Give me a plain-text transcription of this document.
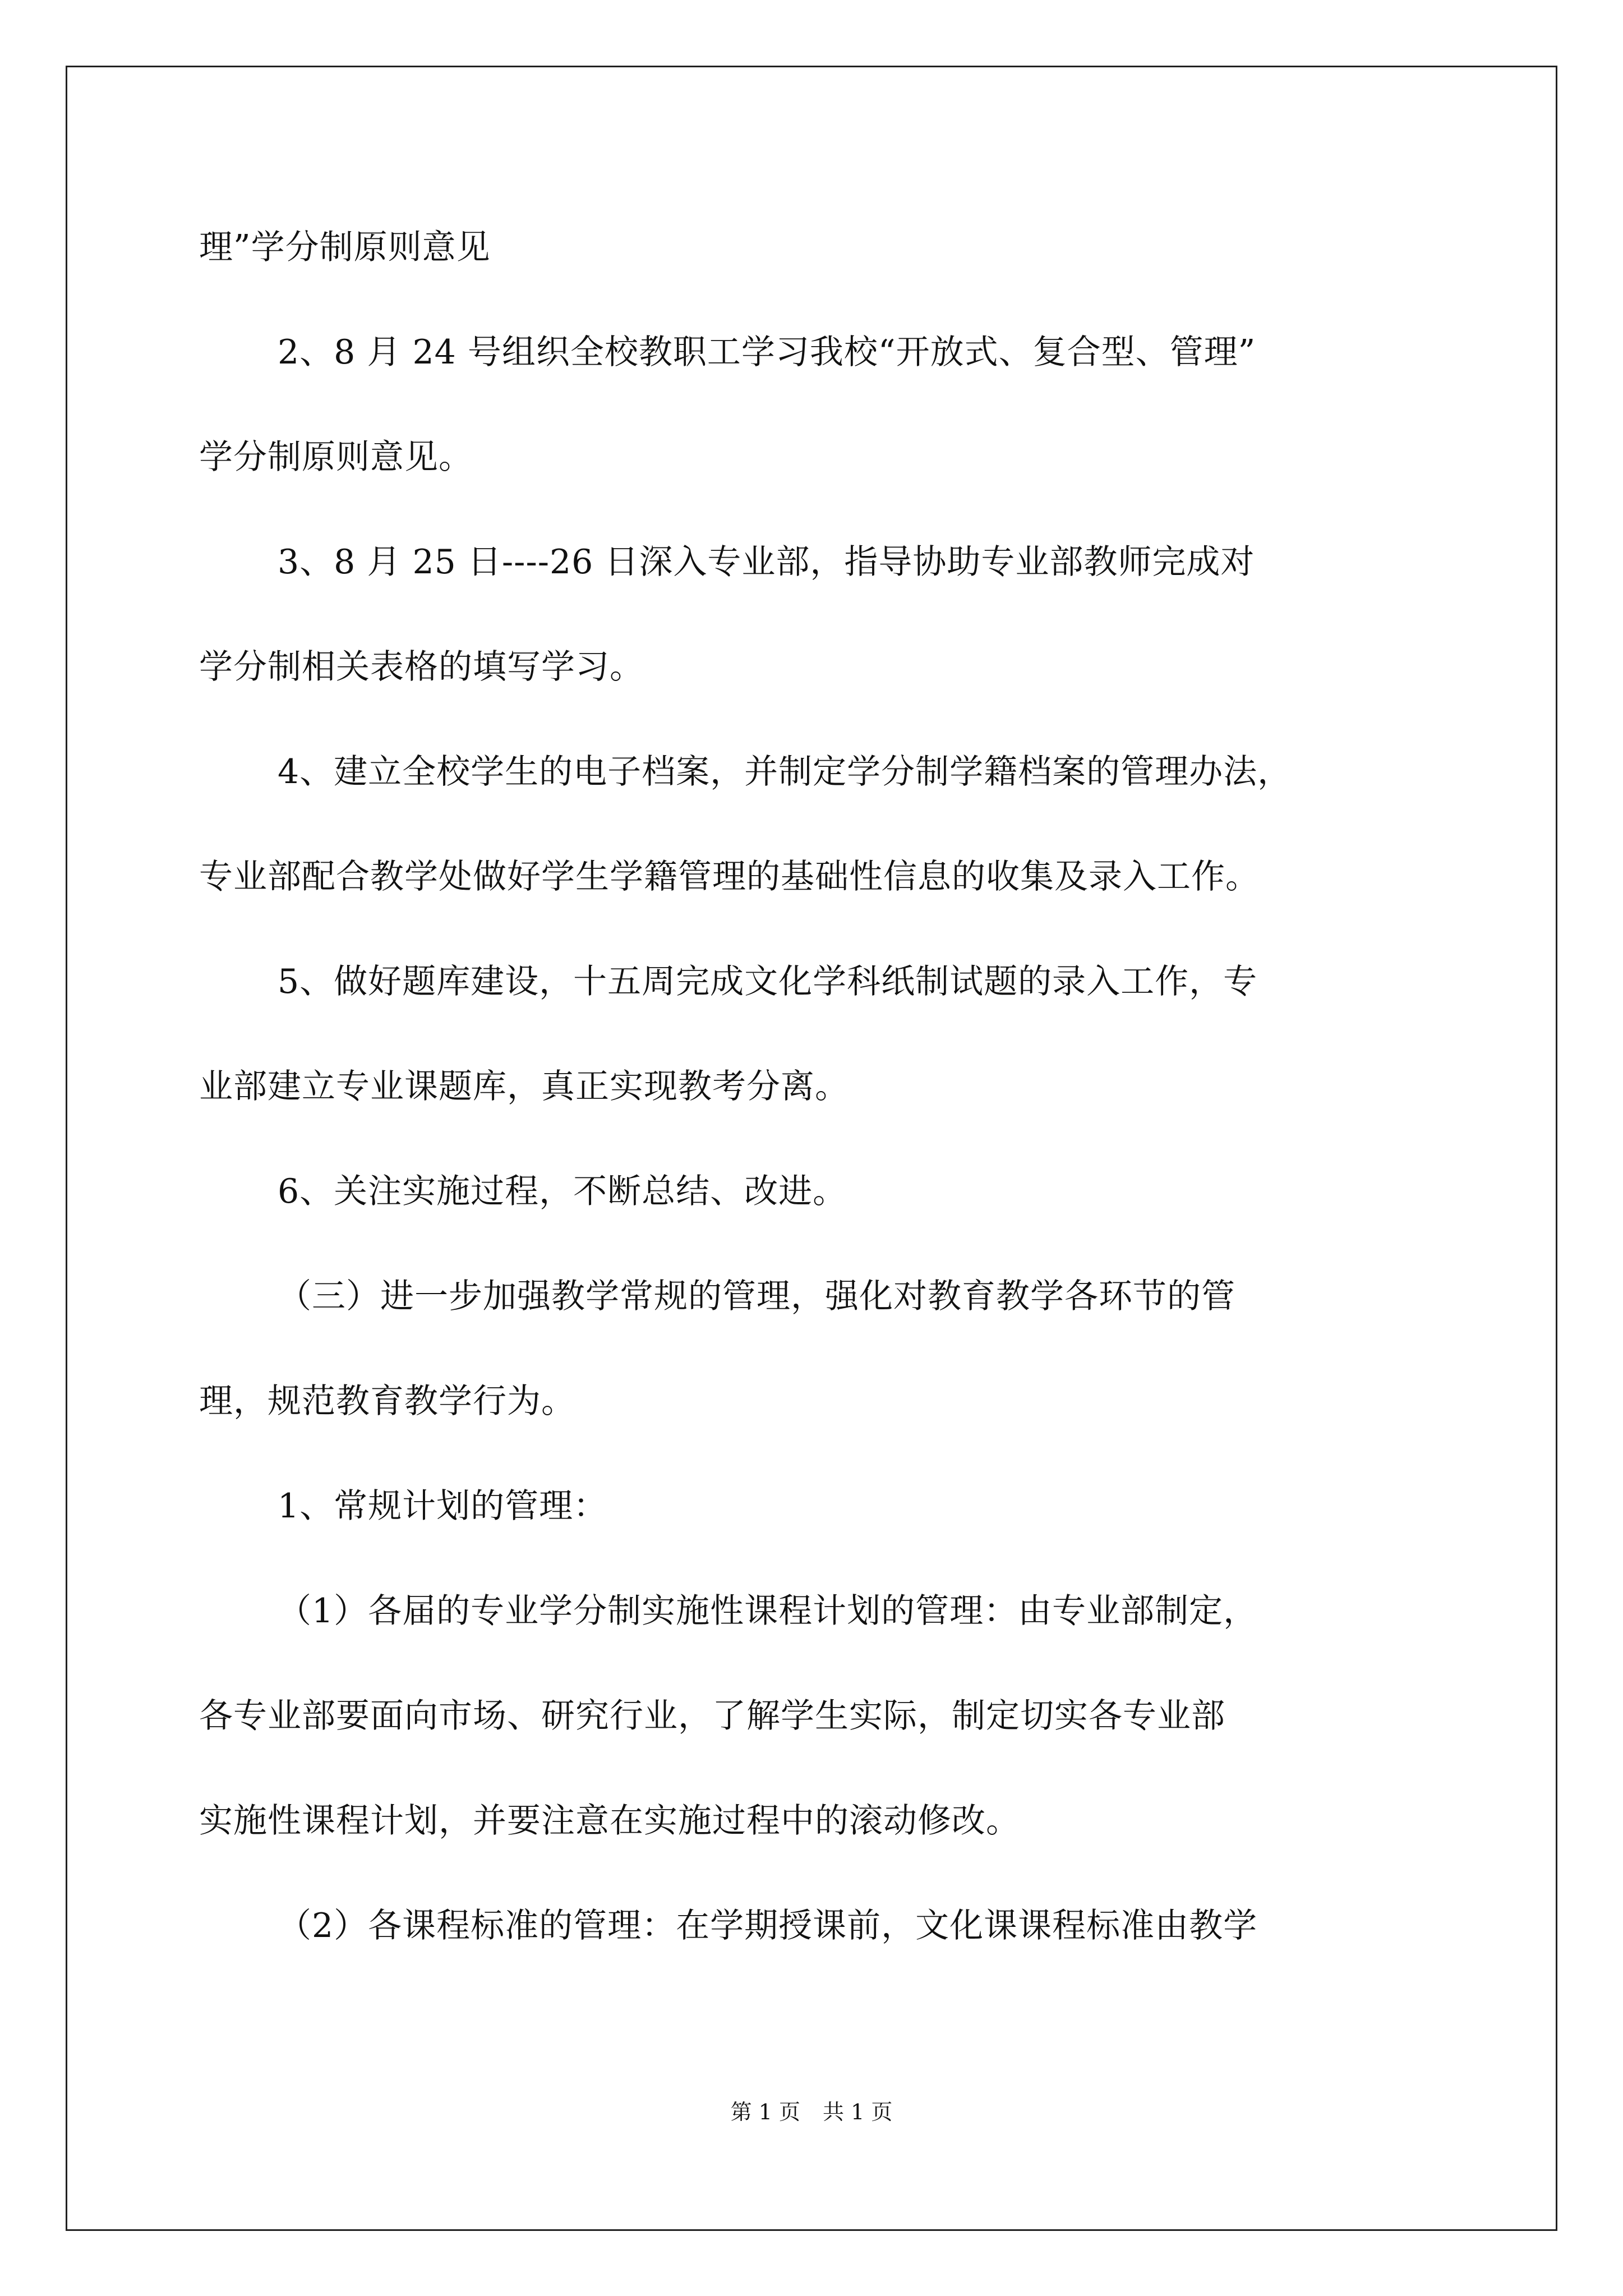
理”学分制原则意见
2、8 月 24 号组织全校教职工学习我校“开放式、复合型、管理”
学分制原则意见。
3、8 月 25 日----26 日深入专业部，指导协助专业部教师完成对
学分制相关表格的填写学习。
4、建立全校学生的电子档案，并制定学分制学籍档案的管理办法，
专业部配合教学处做好学生学籍管理的基础性信息的收集及录入工作。
5、做好题库建设，十五周完成文化学科纸制试题的录入工作，专
业部建立专业课题库，真正实现教考分离。
6、关注实施过程，不断总结、改进。
（三）进一步加强教学常规的管理，强化对教育教学各环节的管
理，规范教育教学行为。
1、常规计划的管理：
（1）各届的专业学分制实施性课程计划的管理：由专业部制定，
各专业部要面向市场、研究行业，了解学生实际，制定切实各专业部
实施性课程计划，并要注意在实施过程中的滚动修改。
（2）各课程标准的管理：在学期授课前，文化课课程标准由教学
第 1 页 共 1 页
